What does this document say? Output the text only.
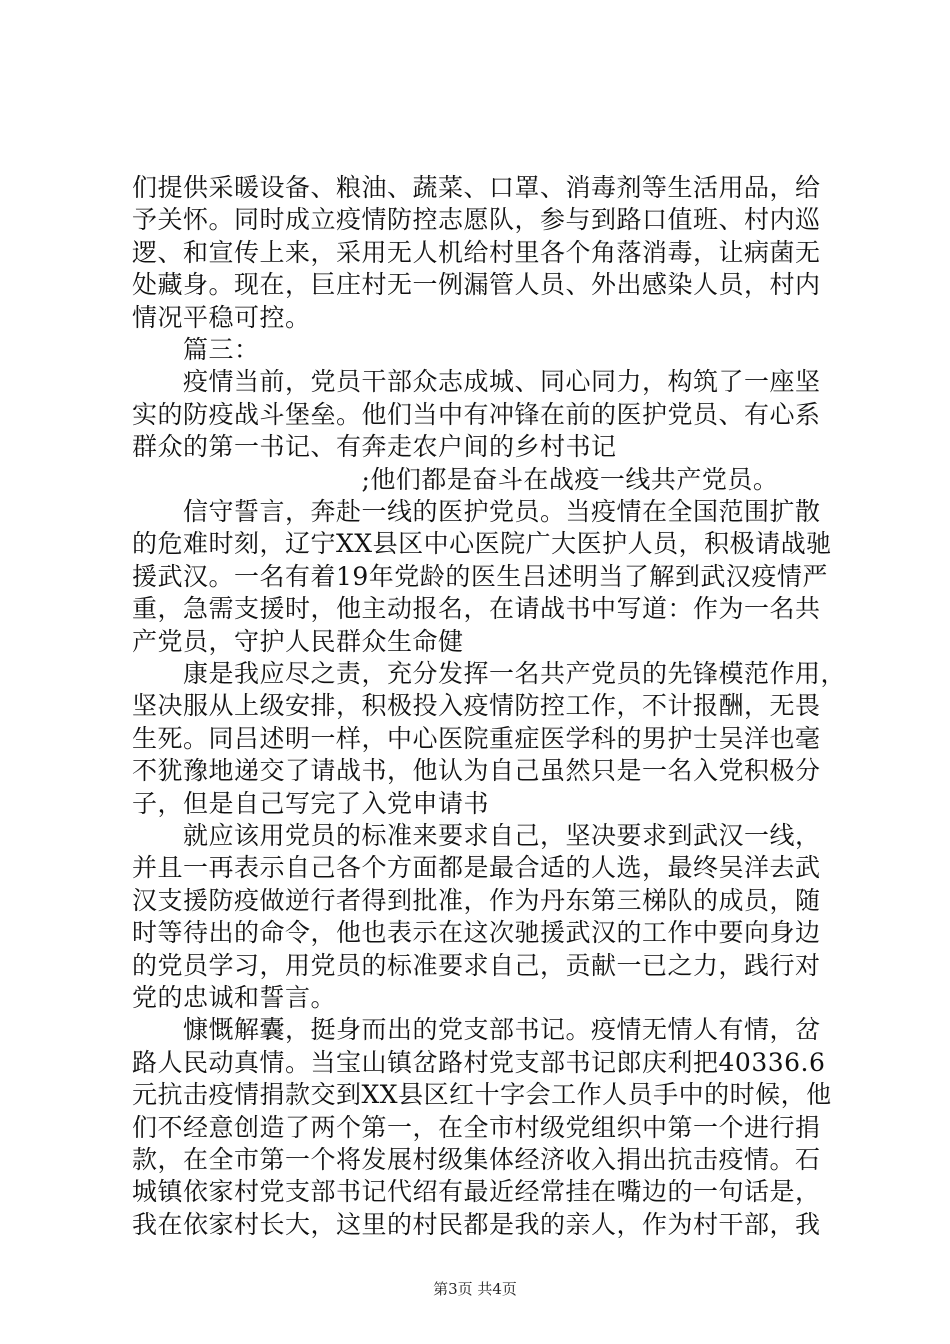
们提供采暖设备、粮油、蔬菜、口罩、消毒剂等生活用品，给
予关怀。同时成立疫情防控志愿队，参与到路口值班、村内巡
逻、和宣传上来，采用无人机给村里各个角落消毒，让病菌无
处藏身。现在，巨庄村无一例漏管人员、外出感染人员，村内
情况平稳可控。
　　篇三：
　　疫情当前，党员干部众志成城、同心同力，构筑了一座坚
实的防疫战斗堡垒。他们当中有冲锋在前的医护党员、有心系
群众的第一书记、有奔走农户间的乡村书记
　　　　　　　　　;他们都是奋斗在战疫一线共产党员。
　　信守誓言，奔赴一线的医护党员。当疫情在全国范围扩散
的危难时刻，辽宁XX县区中心医院广大医护人员，积极请战驰
援武汉。一名有着19年党龄的医生吕述明当了解到武汉疫情严
重，急需支援时，他主动报名，在请战书中写道：作为一名共
产党员，守护人民群众生命健
　　康是我应尽之责，充分发挥一名共产党员的先锋模范作用，
坚决服从上级安排，积极投入疫情防控工作，不计报酬，无畏
生死。同吕述明一样，中心医院重症医学科的男护士吴洋也毫
不犹豫地递交了请战书，他认为自己虽然只是一名入党积极分
子，但是自己写完了入党申请书
　　就应该用党员的标准来要求自己，坚决要求到武汉一线，
并且一再表示自己各个方面都是最合适的人选，最终吴洋去武
汉支援防疫做逆行者得到批准，作为丹东第三梯队的成员，随
时等待出的命令，他也表示在这次驰援武汉的工作中要向身边
的党员学习，用党员的标准要求自己，贡献一已之力，践行对
党的忠诚和誓言。
　　慷慨解囊，挺身而出的党支部书记。疫情无情人有情，岔
路人民动真情。当宝山镇岔路村党支部书记郎庆利把40336.6
元抗击疫情捐款交到XX县区红十字会工作人员手中的时候，他
们不经意创造了两个第一，在全市村级党组织中第一个进行捐
款，在全市第一个将发展村级集体经济收入捐出抗击疫情。石
城镇依家村党支部书记代绍有最近经常挂在嘴边的一句话是，
我在依家村长大，这里的村民都是我的亲人，作为村干部，我
第3页 共4页
